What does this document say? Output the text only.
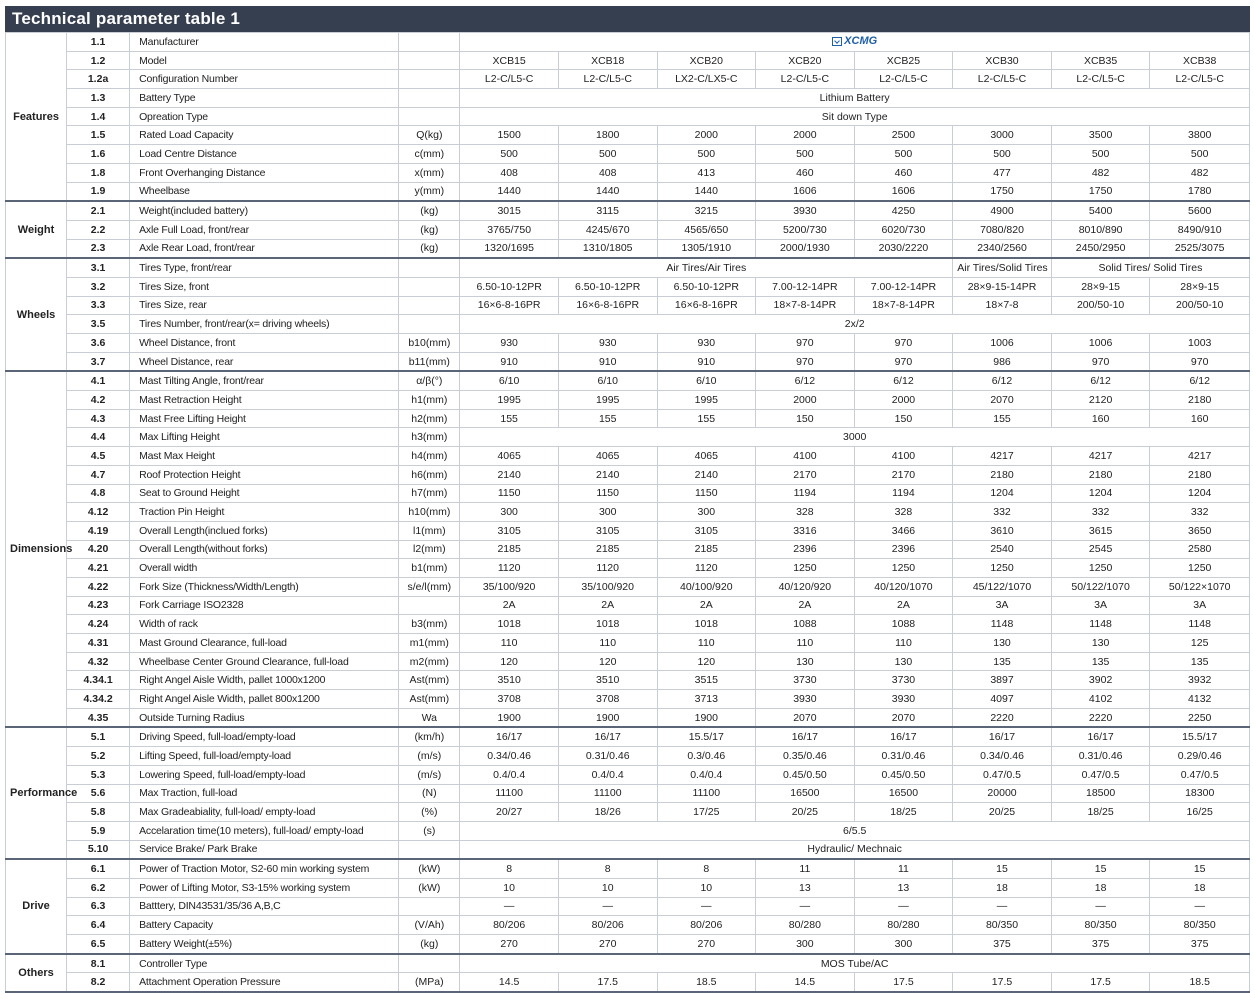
Technical parameter table 1
Features	1.1	Manufacturer		XCMG							

	1.2	Model		XCB15	XCB18	XCB20	XCB20	XCB25	XCB30	XCB35	XCB38
	1.2a	Configuration Number		L2-C/L5-C	L2-C/L5-C	LX2-C/LX5-C	L2-C/L5-C	L2-C/L5-C	L2-C/L5-C	L2-C/L5-C	L2-C/L5-C
	1.3	Battery Type		Lithium Battery							
	1.4	Opreation Type		Sit down Type							
	1.5	Rated Load Capacity	Q(kg)	1500	1800	2000	2000	2500	3000	3500	3800
	1.6	Load Centre Distance	c(mm)	500	500	500	500	500	500	500	500
	1.8	Front Overhanging Distance	x(mm)	408	408	413	460	460	477	482	482
	1.9	Wheelbase	y(mm)	1440	1440	1440	1606	1606	1750	1750	1780
Weight	2.1	Weight(included battery)	(kg)	3015	3115	3215	3930	4250	4900	5400	5600
	2.2	Axle Full Load, front/rear	(kg)	3765/750	4245/670	4565/650	5200/730	6020/730	7080/820	8010/890	8490/910
	2.3	Axle Rear Load, front/rear	(kg)	1320/1695	1310/1805	1305/1910	2000/1930	2030/2220	2340/2560	2450/2950	2525/3075
Wheels	3.1	Tires Type, front/rear		Air Tires/Air Tires					Air Tires/Solid Tires	Solid Tires/ Solid Tires	
	3.2	Tires Size, front		6.50-10-12PR	6.50-10-12PR	6.50-10-12PR	7.00-12-14PR	7.00-12-14PR	28×9-15-14PR	28×9-15	28×9-15
	3.3	Tires Size, rear		16×6-8-16PR	16×6-8-16PR	16×6-8-16PR	18×7-8-14PR	18×7-8-14PR	18×7-8	200/50-10	200/50-10
	3.5	Tires Number, front/rear(x= driving wheels)		2x/2							
	3.6	Wheel Distance, front	b10(mm)	930	930	930	970	970	1006	1006	1003
	3.7	Wheel Distance, rear	b11(mm)	910	910	910	970	970	986	970	970
Dimensions	4.1	Mast Tilting Angle, front/rear	α/β(°)	6/10	6/10	6/10	6/12	6/12	6/12	6/12	6/12
	4.2	Mast Retraction Height	h1(mm)	1995	1995	1995	2000	2000	2070	2120	2180
	4.3	Mast Free Lifting Height	h2(mm)	155	155	155	150	150	155	160	160
	4.4	Max Lifting Height	h3(mm)	3000							
	4.5	Mast Max Height	h4(mm)	4065	4065	4065	4100	4100	4217	4217	4217
	4.7	Roof Protection Height	h6(mm)	2140	2140	2140	2170	2170	2180	2180	2180
	4.8	Seat to Ground Height	h7(mm)	1150	1150	1150	1194	1194	1204	1204	1204
	4.12	Traction Pin Height	h10(mm)	300	300	300	328	328	332	332	332
	4.19	Overall Length(inclued forks)	l1(mm)	3105	3105	3105	3316	3466	3610	3615	3650
	4.20	Overall Length(without forks)	l2(mm)	2185	2185	2185	2396	2396	2540	2545	2580
	4.21	Overall width	b1(mm)	1120	1120	1120	1250	1250	1250	1250	1250
	4.22	Fork Size (Thickness/Width/Length)	s/e/l(mm)	35/100/920	35/100/920	40/100/920	40/120/920	40/120/1070	45/122/1070	50/122/1070	50/122×1070
	4.23	Fork Carriage ISO2328		2A	2A	2A	2A	2A	3A	3A	3A
	4.24	Width of rack	b3(mm)	1018	1018	1018	1088	1088	1148	1148	1148
	4.31	Mast Ground Clearance, full-load	m1(mm)	110	110	110	110	110	130	130	125
	4.32	Wheelbase Center Ground Clearance, full-load	m2(mm)	120	120	120	130	130	135	135	135
	4.34.1	Right Angel Aisle Width, pallet 1000x1200	Ast(mm)	3510	3510	3515	3730	3730	3897	3902	3932
	4.34.2	Right Angel Aisle Width, pallet 800x1200	Ast(mm)	3708	3708	3713	3930	3930	4097	4102	4132
	4.35	Outside Turning Radius	Wa	1900	1900	1900	2070	2070	2220	2220	2250
Performance	5.1	Driving Speed, full-load/empty-load	(km/h)	16/17	16/17	15.5/17	16/17	16/17	16/17	16/17	15.5/17
	5.2	Lifting Speed, full-load/empty-load	(m/s)	0.34/0.46	0.31/0.46	0.3/0.46	0.35/0.46	0.31/0.46	0.34/0.46	0.31/0.46	0.29/0.46
	5.3	Lowering Speed, full-load/empty-load	(m/s)	0.4/0.4	0.4/0.4	0.4/0.4	0.45/0.50	0.45/0.50	0.47/0.5	0.47/0.5	0.47/0.5
	5.6	Max Traction, full-load	(N)	11100	11100	11100	16500	16500	20000	18500	18300
	5.8	Max Gradeabiality, full-load/ empty-load	(%)	20/27	18/26	17/25	20/25	18/25	20/25	18/25	16/25
	5.9	Accelaration time(10 meters), full-load/ empty-load	(s)	6/5.5							
	5.10	Service Brake/ Park Brake		Hydraulic/ Mechnaic							
Drive	6.1	Power of Traction Motor, S2-60 min working system	(kW)	8	8	8	11	11	15	15	15
	6.2	Power of Lifting Motor, S3-15% working system	(kW)	10	10	10	13	13	18	18	18
	6.3	Batttery, DIN43531/35/36 A,B,C		—	—	—	—	—	—	—	—
	6.4	Battery Capacity	(V/Ah)	80/206	80/206	80/206	80/280	80/280	80/350	80/350	80/350
	6.5	Battery Weight(±5%)	(kg)	270	270	270	300	300	375	375	375
Others	8.1	Controller Type		MOS Tube/AC							
	8.2	Attachment Operation Pressure	(MPa)	14.5	17.5	18.5	14.5	17.5	17.5	17.5	18.5
